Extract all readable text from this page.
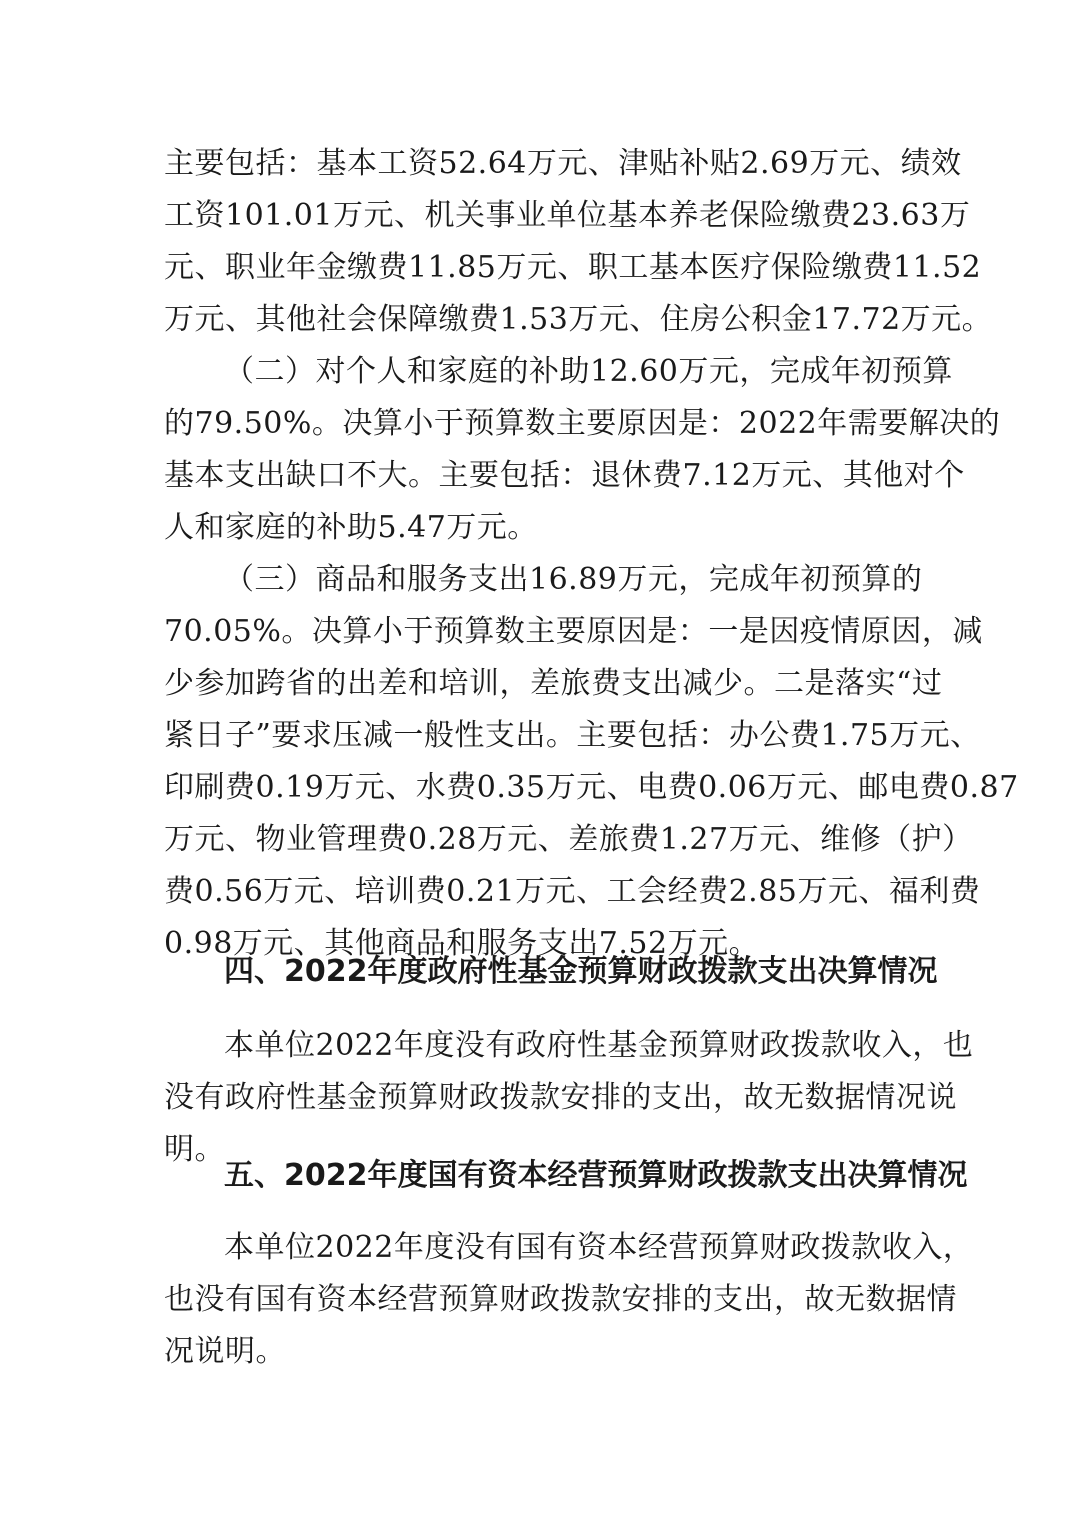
主要包括：基本工资52.64万元、津贴补贴2.69万元、绩效
工资101.01万元、机关事业单位基本养老保险缴费23.63万
元、职业年金缴费11.85万元、职工基本医疗保险缴费11.52
万元、其他社会保障缴费1.53万元、住房公积金17.72万元。
（二）对个人和家庭的补助12.60万元，完成年初预算
的79.50%。决算小于预算数主要原因是：2022年需要解决的
基本支出缺口不大。主要包括：退休费7.12万元、其他对个
人和家庭的补助5.47万元。
（三）商品和服务支出16.89万元，完成年初预算的
70.05%。决算小于预算数主要原因是：一是因疫情原因，减
少参加跨省的出差和培训，差旅费支出减少。二是落实“过
紧日子”要求压减一般性支出。主要包括：办公费1.75万元、
印刷费0.19万元、水费0.35万元、电费0.06万元、邮电费0.87
万元、物业管理费0.28万元、差旅费1.27万元、维修（护）
费0.56万元、培训费0.21万元、工会经费2.85万元、福利费
0.98万元、其他商品和服务支出7.52万元。
四、2022年度政府性基金预算财政拨款支出决算情况
本单位2022年度没有政府性基金预算财政拨款收入，也
没有政府性基金预算财政拨款安排的支出，故无数据情况说
明。
五、2022年度国有资本经营预算财政拨款支出决算情况
本单位2022年度没有国有资本经营预算财政拨款收入，
也没有国有资本经营预算财政拨款安排的支出，故无数据情
况说明。
